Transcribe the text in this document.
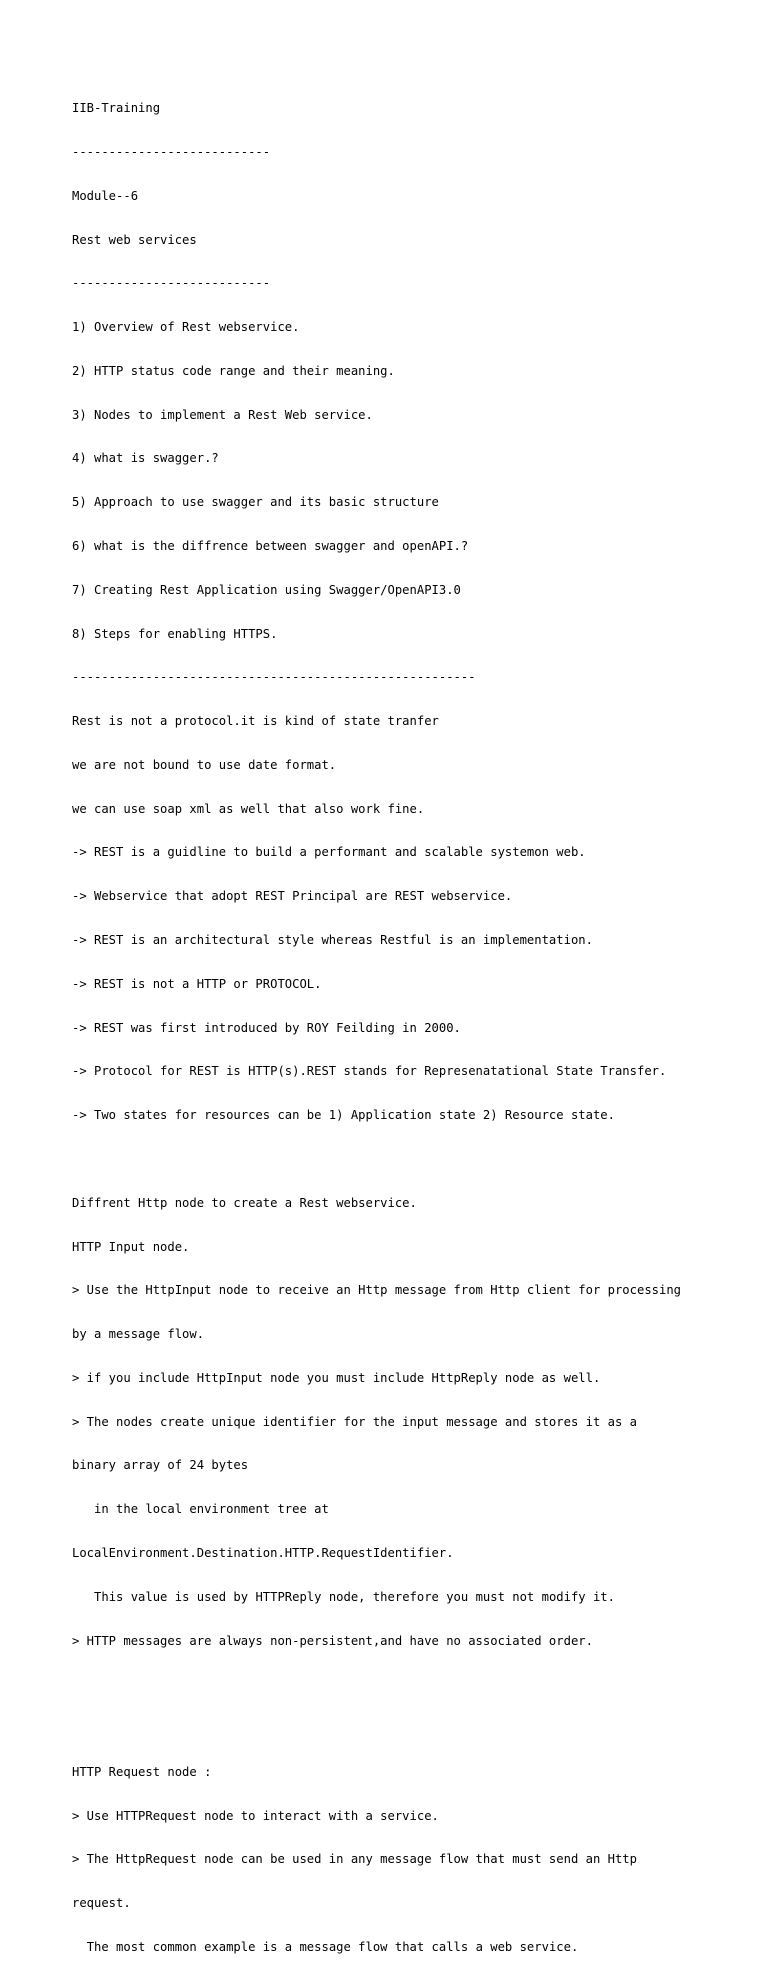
IIB-Training

---------------------------

Module--6

Rest web services

---------------------------

1) Overview of Rest webservice.

2) HTTP status code range and their meaning.

3) Nodes to implement a Rest Web service.

4) what is swagger.?

5) Approach to use swagger and its basic structure

6) what is the diffrence between swagger and openAPI.?

7) Creating Rest Application using Swagger/OpenAPI3.0

8) Steps for enabling HTTPS.

-------------------------------------------------------

Rest is not a protocol.it is kind of state tranfer

we are not bound to use date format.

we can use soap xml as well that also work fine.

-> REST is a guidline to build a performant and scalable systemon web.

-> Webservice that adopt REST Principal are REST webservice.

-> REST is an architectural style whereas Restful is an implementation.

-> REST is not a HTTP or PROTOCOL.

-> REST was first introduced by ROY Feilding in 2000.

-> Protocol for REST is HTTP(s).REST stands for Represenatational State Transfer.

-> Two states for resources can be 1) Application state 2) Resource state.

Diffrent Http node to create a Rest webservice.

HTTP Input node.

> Use the HttpInput node to receive an Http message from Http client for processing

by a message flow.

> if you include HttpInput node you must include HttpReply node as well.

> The nodes create unique identifier for the input message and stores it as a

binary array of 24 bytes

in the local environment tree at

LocalEnvironment.Destination.HTTP.RequestIdentifier.

This value is used by HTTPReply node, therefore you must not modify it.

> HTTP messages are always non-persistent,and have no associated order.

HTTP Request node :

> Use HTTPRequest node to interact with a service.

> The HttpRequest node can be used in any message flow that must send an Http

request.

The most common example is a message flow that calls a web service.
